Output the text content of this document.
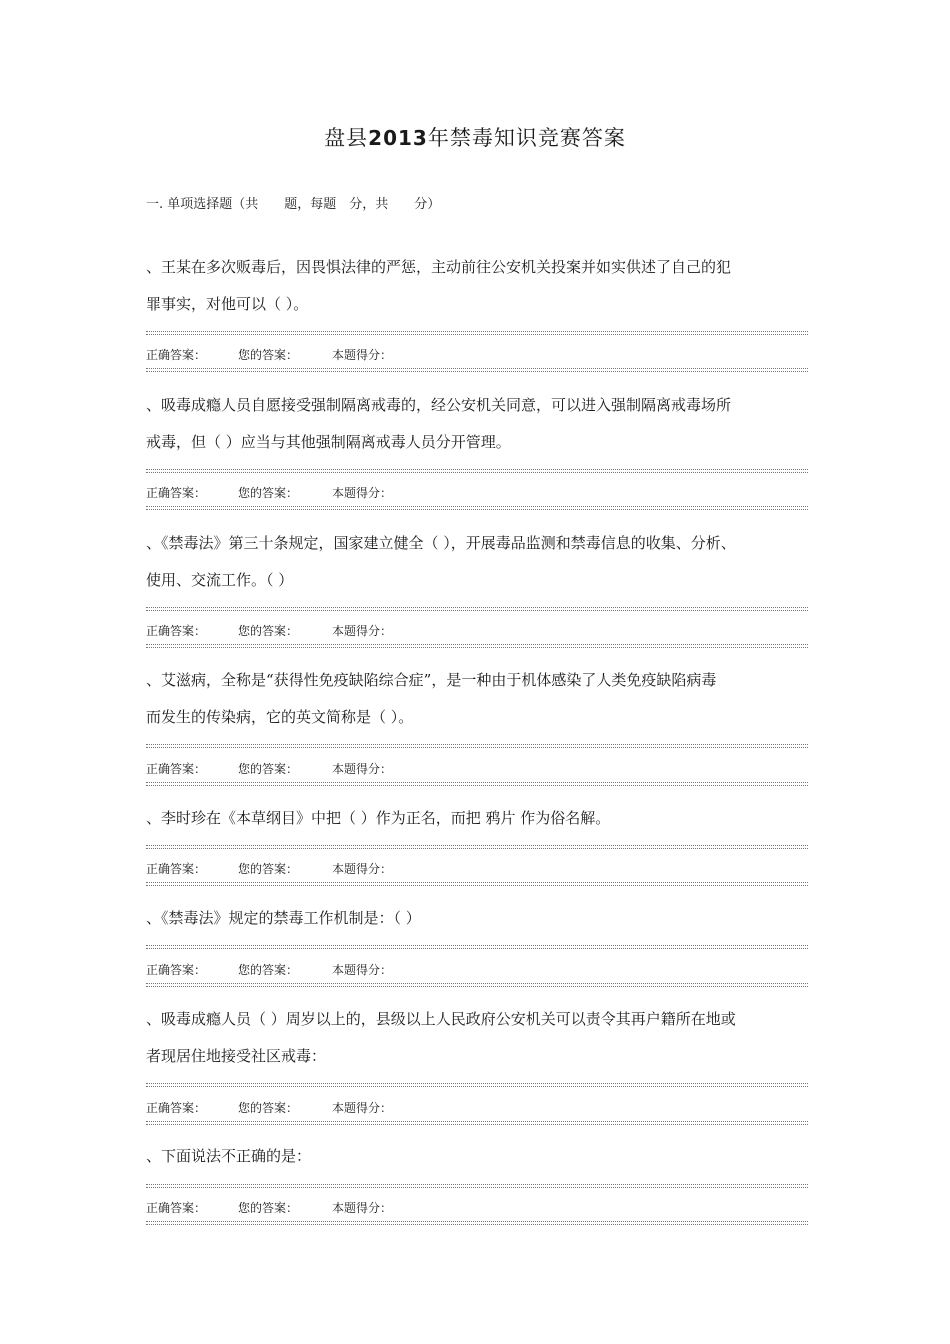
盘县2013年禁毒知识竞赛答案
一. 单项选择题（共　　题，每题　分，共　　分）
、王某在多次贩毒后，因畏惧法律的严惩，主动前往公安机关投案并如实供述了自己的犯
罪事实，对他可以（ ）。
正确答案：	您的答案：	本题得分：
、吸毒成瘾人员自愿接受强制隔离戒毒的，经公安机关同意，可以进入强制隔离戒毒场所
戒毒，但（ ）应当与其他强制隔离戒毒人员分开管理。
正确答案：	您的答案：	本题得分：
、《禁毒法》第三十条规定，国家建立健全（ ），开展毒品监测和禁毒信息的收集、分析、
使用、交流工作。（ ）
正确答案：	您的答案：	本题得分：
、艾滋病，全称是“获得性免疫缺陷综合症”，是一种由于机体感染了人类免疫缺陷病毒
而发生的传染病，它的英文简称是（ ）。
正确答案：	您的答案：	本题得分：
、李时珍在《本草纲目》中把（ ）作为正名，而把 鸦片 作为俗名解。
正确答案：	您的答案：	本题得分：
、《禁毒法》规定的禁毒工作机制是：（ ）
正确答案：	您的答案：	本题得分：
、吸毒成瘾人员（ ）周岁以上的，县级以上人民政府公安机关可以责令其再户籍所在地或
者现居住地接受社区戒毒：
正确答案：	您的答案：	本题得分：
、下面说法不正确的是：
正确答案：	您的答案：	本题得分：
